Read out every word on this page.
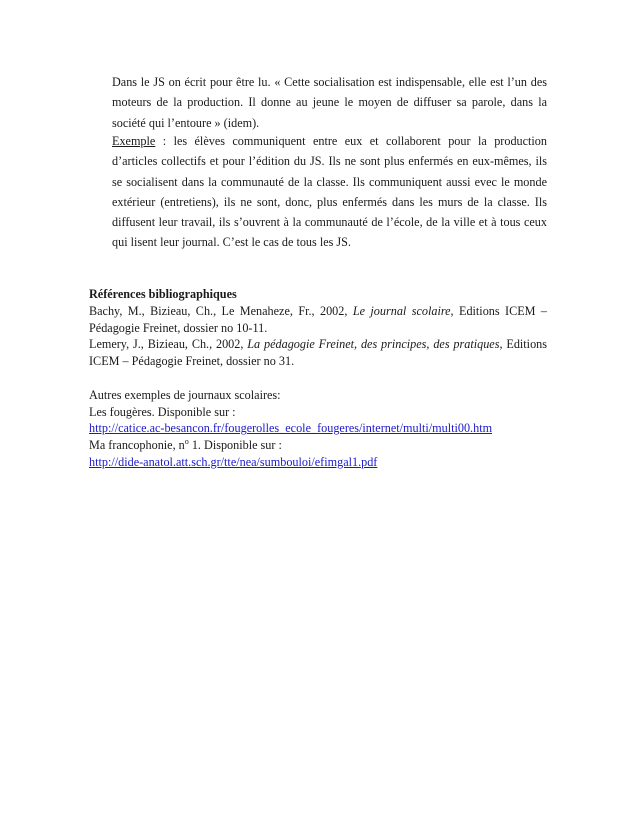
Dans le JS on écrit pour être lu. « Cette socialisation est indispensable, elle est l’un des moteurs de la production. Il donne au jeune le moyen de diffuser sa parole, dans la société qui l’entoure » (idem).
Exemple : les élèves communiquent entre eux et collaborent pour la production d’articles collectifs et pour l’édition du JS. Ils ne sont plus enfermés en eux-mêmes, ils se socialisent dans la communauté de la classe. Ils communiquent aussi evec le monde extérieur (entretiens), ils ne sont, donc, plus enfermés dans les murs de la classe. Ils diffusent leur travail, ils s’ouvrent à la communauté de l’école, de la ville et à tous ceux qui lisent leur journal. C’est le cas de tous les JS.

Références bibliographiques

Bachy, M., Bizieau, Ch., Le Menaheze, Fr., 2002, Le journal scolaire, Editions ICEM – Pédagogie Freinet, dossier no 10-11.

Lemery, J., Bizieau, Ch., 2002, La pédagogie Freinet, des principes, des pratiques, Editions ICEM – Pédagogie Freinet, dossier no 31.

Autres exemples de journaux scolaires:

Les fougères. Disponible sur :

http://catice.ac-besancon.fr/fougerolles_ecole_fougeres/internet/multi/multi00.htm

Ma francophonie, $n^o$ 1. Disponible sur :

http://dide-anatol.att.sch.gr/tte/nea/sumbouloi/efimgal1.pdf
